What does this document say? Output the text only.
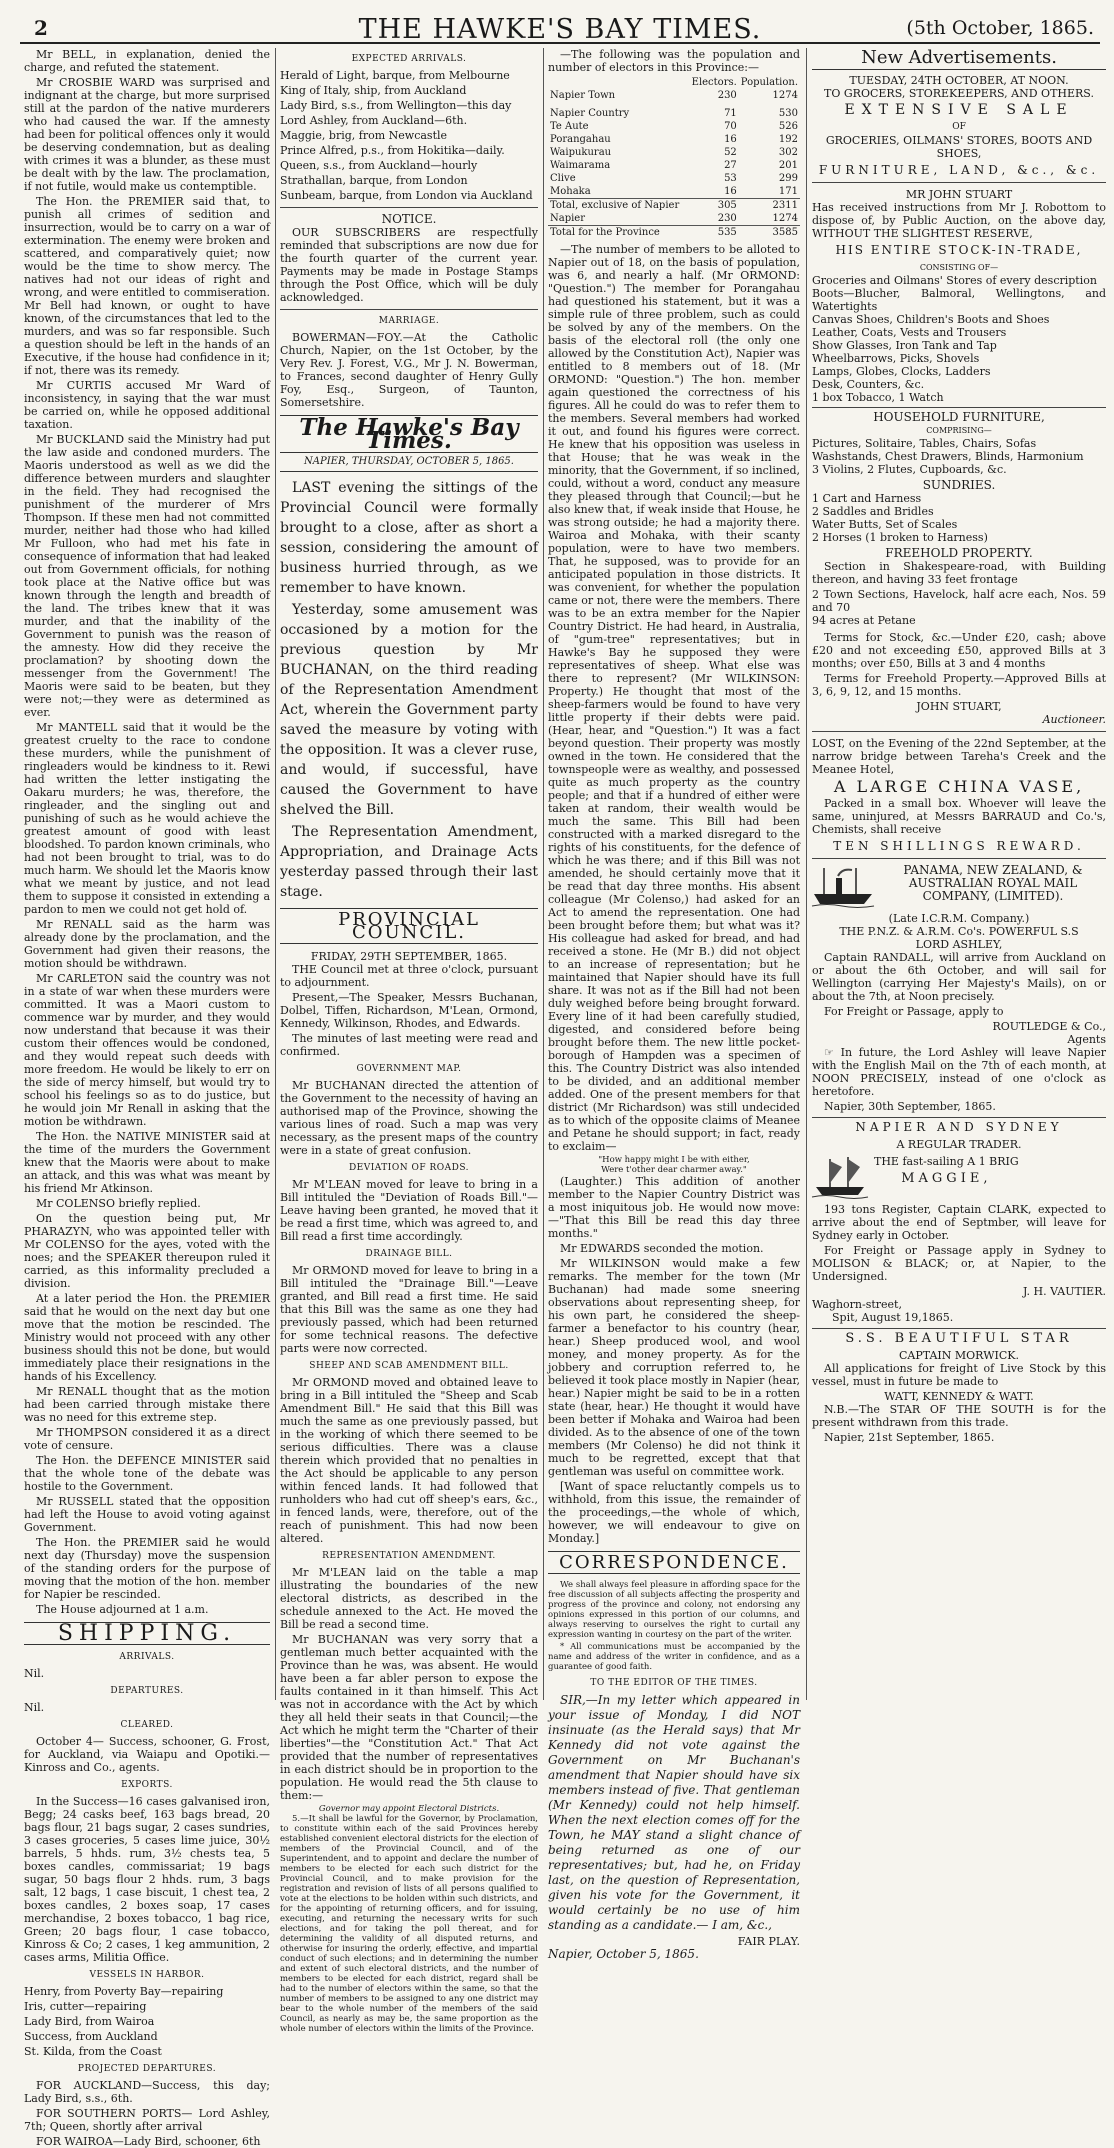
2	THE HAWKE'S BAY TIMES.	(5th October, 1865.

Mr BELL, in explanation, denied the charge, and refuted the statement.

Mr CROSBIE WARD was surprised and indignant at the charge, but more surprised still at the pardon of the native murderers who had caused the war. If the amnesty had been for political offences only it would be deserving condemnation, but as dealing with crimes it was a blunder, as these must be dealt with by the law. The proclamation, if not futile, would make us contemptible.

The Hon. the PREMIER said that, to punish all crimes of sedition and insurrection, would be to carry on a war of extermination. The enemy were broken and scattered, and comparatively quiet; now would be the time to show mercy. The natives had not our ideas of right and wrong, and were entitled to commiseration. Mr Bell had known, or ought to have known, of the circumstances that led to the murders, and was so far responsible. Such a question should be left in the hands of an Executive, if the house had confidence in it; if not, there was its remedy.

Mr CURTIS accused Mr Ward of inconsistency, in saying that the war must be carried on, while he opposed additional taxation.

Mr BUCKLAND said the Ministry had put the law aside and condoned murders. The Maoris understood as well as we did the difference between murders and slaughter in the field. They had recognised the punishment of the murderer of Mrs Thompson. If these men had not committed murder, neither had those who had killed Mr Fulloon, who had met his fate in consequence of information that had leaked out from Government officials, for nothing took place at the Native office but was known through the length and breadth of the land. The tribes knew that it was murder, and that the inability of the Government to punish was the reason of the amnesty. How did they receive the proclamation? by shooting down the messenger from the Government! The Maoris were said to be beaten, but they were not;—they were as determined as ever.

Mr MANTELL said that it would be the greatest cruelty to the race to condone these murders, while the punishment of ringleaders would be kindness to it. Rewi had written the letter instigating the Oakaru murders; he was, therefore, the ringleader, and the singling out and punishing of such as he would achieve the greatest amount of good with least bloodshed. To pardon known criminals, who had not been brought to trial, was to do much harm. We should let the Maoris know what we meant by justice, and not lead them to suppose it consisted in extending a pardon to men we could not get hold of.

Mr RENALL said as the harm was already done by the proclamation, and the Government had given their reasons, the motion should be withdrawn.

Mr CARLETON said the country was not in a state of war when these murders were committed. It was a Maori custom to commence war by murder, and they would now understand that because it was their custom their offences would be condoned, and they would repeat such deeds with more freedom. He would be likely to err on the side of mercy himself, but would try to school his feelings so as to do justice, but he would join Mr Renall in asking that the motion be withdrawn.

The Hon. the NATIVE MINISTER said at the time of the murders the Government knew that the Maoris were about to make an attack, and this was what was meant by his friend Mr Atkinson.

Mr COLENSO briefly replied.

On the question being put, Mr PHARAZYN, who was appointed teller with Mr COLENSO for the ayes, voted with the noes; and the SPEAKER thereupon ruled it carried, as this informality precluded a division.

At a later period the Hon. the PREMIER said that he would on the next day but one move that the motion be rescinded. The Ministry would not proceed with any other business should this not be done, but would immediately place their resignations in the hands of his Excellency.

Mr RENALL thought that as the motion had been carried through mistake there was no need for this extreme step.

Mr THOMPSON considered it as a direct vote of censure.

The Hon. the DEFENCE MINISTER said that the whole tone of the debate was hostile to the Government.

Mr RUSSELL stated that the opposition had left the House to avoid voting against Government.

The Hon. the PREMIER said he would next day (Thursday) move the suspension of the standing orders for the purpose of moving that the motion of the hon. member for Napier be rescinded.

The House adjourned at 1 a.m.

SHIPPING.
ARRIVALS.

Nil.

DEPARTURES.

Nil.

CLEARED.

October 4— Success, schooner, G. Frost, for Auckland, via Waiapu and Opotiki.—Kinross and Co., agents.

EXPORTS.

In the Success—16 cases galvanised iron, Begg; 24 casks beef, 163 bags bread, 20 bags flour, 21 bags sugar, 2 cases sundries, 3 cases groceries, 5 cases lime juice, 30½ barrels, 5 hhds. rum, 3½ chests tea, 5 boxes candles, commissariat; 19 bags sugar, 50 bags flour 2 hhds. rum, 3 bags salt, 12 bags, 1 case biscuit, 1 chest tea, 2 boxes candles, 2 boxes soap, 17 cases merchandise, 2 boxes tobacco, 1 bag rice, Green; 20 bags flour, 1 case tobacco, Kinross & Co; 2 cases, 1 keg ammunition, 2 cases arms, Militia Office.

VESSELS IN HARBOR.

Henry, from Poverty Bay—repairing

Iris, cutter—repairing

Lady Bird, from Wairoa

Success, from Auckland

St. Kilda, from the Coast

PROJECTED DEPARTURES.

FOR AUCKLAND—Success, this day; Lady Bird, s.s., 6th.

FOR SOUTHERN PORTS— Lord Ashley, 7th; Queen, shortly after arrival

FOR WAIROA—Lady Bird, schooner, 6th

EXPECTED ARRIVALS.

Herald of Light, barque, from Melbourne

King of Italy, ship, from Auckland

Lady Bird, s.s., from Wellington—this day

Lord Ashley, from Auckland—6th.

Maggie, brig, from Newcastle

Prince Alfred, p.s., from Hokitika—daily.

Queen, s.s., from Auckland—hourly

Strathallan, barque, from London

Sunbeam, barque, from London via Auckland

NOTICE.

OUR SUBSCRIBERS are respectfully reminded that subscriptions are now due for the fourth quarter of the current year. Payments may be made in Postage Stamps through the Post Office, which will be duly acknowledged.

MARRIAGE.

BOWERMAN—FOY.—At the Catholic Church, Napier, on the 1st October, by the Very Rev. J. Forest, V.G., Mr J. N. Bowerman, to Frances, second daughter of Henry Gully Foy, Esq., Surgeon, of Taunton, Somersetshire.

The Hawke's Bay Times.
NAPIER, THURSDAY, OCTOBER 5, 1865.

LAST evening the sittings of the Provincial Council were formally brought to a close, after as short a session, considering the amount of business hurried through, as we remember to have known.

Yesterday, some amusement was occasioned by a motion for the previous question by Mr BUCHANAN, on the third reading of the Representation Amendment Act, wherein the Government party saved the measure by voting with the opposition. It was a clever ruse, and would, if successful, have caused the Government to have shelved the Bill.

The Representation Amendment, Appropriation, and Drainage Acts yesterday passed through their last stage.

PROVINCIAL COUNCIL.
FRIDAY, 29TH SEPTEMBER, 1865.

THE Council met at three o'clock, pursuant to adjournment.

Present,—The Speaker, Messrs Buchanan, Dolbel, Tiffen, Richardson, M'Lean, Ormond, Kennedy, Wilkinson, Rhodes, and Edwards.

The minutes of last meeting were read and confirmed.

GOVERNMENT MAP.

Mr BUCHANAN directed the attention of the Government to the necessity of having an authorised map of the Province, showing the various lines of road. Such a map was very necessary, as the present maps of the country were in a state of great confusion.

DEVIATION OF ROADS.

Mr M'LEAN moved for leave to bring in a Bill intituled the "Deviation of Roads Bill."—Leave having been granted, he moved that it be read a first time, which was agreed to, and Bill read a first time accordingly.

DRAINAGE BILL.

Mr ORMOND moved for leave to bring in a Bill intituled the "Drainage Bill."—Leave granted, and Bill read a first time. He said that this Bill was the same as one they had previously passed, which had been returned for some technical reasons. The defective parts were now corrected.

SHEEP AND SCAB AMENDMENT BILL.

Mr ORMOND moved and obtained leave to bring in a Bill intituled the "Sheep and Scab Amendment Bill." He said that this Bill was much the same as one previously passed, but in the working of which there seemed to be serious difficulties. There was a clause therein which provided that no penalties in the Act should be applicable to any person within fenced lands. It had followed that runholders who had cut off sheep's ears, &c., in fenced lands, were, therefore, out of the reach of punishment. This had now been altered.

REPRESENTATION AMENDMENT.

Mr M'LEAN laid on the table a map illustrating the boundaries of the new electoral districts, as described in the schedule annexed to the Act. He moved the Bill be read a second time.

Mr BUCHANAN was very sorry that a gentleman much better acquainted with the Province than he was, was absent. He would have been a far abler person to expose the faults contained in it than himself. This Act was not in accordance with the Act by which they all held their seats in that Council;—the Act which he might term the "Charter of their liberties"—the "Constitution Act." That Act provided that the number of representatives in each district should be in proportion to the population. He would read the 5th clause to them:—

Governor may appoint Electoral Districts.

5.—It shall be lawful for the Governor, by Proclamation, to constitute within each of the said Provinces hereby established convenient electoral districts for the election of members of the Provincial Council, and of the Superintendent, and to appoint and declare the number of members to be elected for each such district for the Provincial Council, and to make provision for the registration and revision of lists of all persons qualified to vote at the elections to be holden within such districts, and for the appointing of returning officers, and for issuing, executing, and returning the necessary writs for such elections, and for taking the poll thereat, and for determining the validity of all disputed returns, and otherwise for insuring the orderly, effective, and impartial conduct of such elections; and in determining the number and extent of such electoral districts, and the number of members to be elected for each district, regard shall be had to the number of electors within the same, so that the number of members to be assigned to any one district may bear to the whole number of the members of the said Council, as nearly as may be, the same proportion as the whole number of electors within the limits of the Province.

—The following was the population and number of electors in this Province:—

	Electors.	Population.
Napier Town	230	1274

Napier Country	71	530
Te Aute	70	526
Porangahau	16	192
Waipukurau	52	302
Waimarama	27	201
Clive	53	299
Mohaka	16	171
Total, exclusive of Napier	305	2311
Napier	230	1274
Total for the Province	535	3585

—The number of members to be alloted to Napier out of 18, on the basis of population, was 6, and nearly a half. (Mr ORMOND: "Question.") The member for Porangahau had questioned his statement, but it was a simple rule of three problem, such as could be solved by any of the members. On the basis of the electoral roll (the only one allowed by the Constitution Act), Napier was entitled to 8 members out of 18. (Mr ORMOND: "Question.") The hon. member again questioned the correctness of his figures. All he could do was to refer them to the members. Several members had worked it out, and found his figures were correct. He knew that his opposition was useless in that House; that he was weak in the minority, that the Government, if so inclined, could, without a word, conduct any measure they pleased through that Council;—but he also knew that, if weak inside that House, he was strong outside; he had a majority there. Wairoa and Mohaka, with their scanty population, were to have two members. That, he supposed, was to provide for an anticipated population in those districts. It was convenient, for whether the population came or not, there were the members. There was to be an extra member for the Napier Country District. He had heard, in Australia, of "gum-tree" representatives; but in Hawke's Bay he supposed they were representatives of sheep. What else was there to represent? (Mr WILKINSON: Property.) He thought that most of the sheep-farmers would be found to have very little property if their debts were paid. (Hear, hear, and "Question.") It was a fact beyond question. Their property was mostly owned in the town. He considered that the townspeople were as wealthy, and possessed quite as much property as the country people; and that if a hundred of either were taken at random, their wealth would be much the same. This Bill had been constructed with a marked disregard to the rights of his constituents, for the defence of which he was there; and if this Bill was not amended, he should certainly move that it be read that day three months. His absent colleague (Mr Colenso,) had asked for an Act to amend the representation. One had been brought before them; but what was it? His colleague had asked for bread, and had received a stone. He (Mr B.) did not object to an increase of representation; but he maintained that Napier should have its full share. It was not as if the Bill had not been duly weighed before being brought forward. Every line of it had been carefully studied, digested, and considered before being brought before them. The new little pocket-borough of Hampden was a specimen of this. The Country District was also intended to be divided, and an additional member added. One of the present members for that district (Mr Richardson) was still undecided as to which of the opposite claims of Meanee and Petane he should support; in fact, ready to exclaim—

"How happy might I be with either,
Were t'other dear charmer away."

(Laughter.) This addition of another member to the Napier Country District was a most iniquitous job. He would now move:—"That this Bill be read this day three months."

Mr EDWARDS seconded the motion.

Mr WILKINSON would make a few remarks. The member for the town (Mr Buchanan) had made some sneering observations about representing sheep, for his own part, he considered the sheep-farmer a benefactor to his country (hear, hear.) Sheep produced wool, and wool money, and money property. As for the jobbery and corruption referred to, he believed it took place mostly in Napier (hear, hear.) Napier might be said to be in a rotten state (hear, hear.) He thought it would have been better if Mohaka and Wairoa had been divided. As to the absence of one of the town members (Mr Colenso) he did not think it much to be regretted, except that that gentleman was useful on committee work.

[Want of space reluctantly compels us to withhold, from this issue, the remainder of the proceedings,—the whole of which, however, we will endeavour to give on Monday.]

CORRESPONDENCE.

We shall always feel pleasure in affording space for the free discussion of all subjects affecting the prosperity and progress of the province and colony, not endorsing any opinions expressed in this portion of our columns, and always reserving to ourselves the right to curtail any expression wanting in courtesy on the part of the writer.

* All communications must be accompanied by the name and address of the writer in confidence, and as a guarantee of good faith.

TO THE EDITOR OF THE TIMES.

SIR,—In my letter which appeared in your issue of Monday, I did NOT insinuate (as the Herald says) that Mr Kennedy did not vote against the Government on Mr Buchanan's amendment that Napier should have six members instead of five. That gentleman (Mr Kennedy) could not help himself. When the next election comes off for the Town, he MAY stand a slight chance of being returned as one of our representatives; but, had he, on Friday last, on the question of Representation, given his vote for the Government, it would certainly be no use of him standing as a candidate.— I am, &c.,

FAIR PLAY.
Napier, October 5, 1865.
New Advertisements.
TUESDAY, 24TH OCTOBER, AT NOON.
TO GROCERS, STOREKEEPERS, AND OTHERS.
EXTENSIVE SALE
OF
GROCERIES, OILMANS' STORES, BOOTS AND SHOES,
FURNITURE, LAND, &c., &c.
MR JOHN STUART

Has received instructions from Mr J. Robottom to dispose of, by Public Auction, on the above day, WITHOUT THE SLIGHTEST RESERVE,

HIS ENTIRE STOCK-IN-TRADE,
CONSISTING OF—

Groceries and Oilmans' Stores of every description

Boots—Blucher, Balmoral, Wellingtons, and Watertights

Canvas Shoes, Children's Boots and Shoes

Leather, Coats, Vests and Trousers

Show Glasses, Iron Tank and Tap

Wheelbarrows, Picks, Shovels

Lamps, Globes, Clocks, Ladders

Desk, Counters, &c.

1 box Tobacco, 1 Watch

HOUSEHOLD FURNITURE,
COMPRISING—

Pictures, Solitaire, Tables, Chairs, Sofas

Washstands, Chest Drawers, Blinds, Harmonium

3 Violins, 2 Flutes, Cupboards, &c.

SUNDRIES.

1 Cart and Harness

2 Saddles and Bridles

Water Butts, Set of Scales

2 Horses (1 broken to Harness)

FREEHOLD PROPERTY.

Section in Shakespeare-road, with Building thereon, and having 33 feet frontage

2 Town Sections, Havelock, half acre each, Nos. 59 and 70

94 acres at Petane

Terms for Stock, &c.—Under £20, cash; above £20 and not exceeding £50, approved Bills at 3 months; over £50, Bills at 3 and 4 months

Terms for Freehold Property.—Approved Bills at 3, 6, 9, 12, and 15 months.

JOHN STUART,
Auctioneer.

LOST, on the Evening of the 22nd September, at the narrow bridge between Tareha's Creek and the Meanee Hotel,

A LARGE CHINA VASE,

Packed in a small box. Whoever will leave the same, uninjured, at Messrs BARRAUD and Co.'s, Chemists, shall receive

TEN SHILLINGS REWARD.
PANAMA, NEW ZEALAND, & AUSTRALIAN ROYAL MAIL COMPANY, (LIMITED).
(Late I.C.R.M. Company.)
THE P.N.Z. & A.R.M. Co's. POWERFUL S.S
LORD ASHLEY,

Captain RANDALL, will arrive from Auckland on or about the 6th October, and will sail for Wellington (carrying Her Majesty's Mails), on or about the 7th, at Noon precisely.

For Freight or Passage, apply to

ROUTLEDGE & Co.,
Agents

☞ In future, the Lord Ashley will leave Napier with the English Mail on the 7th of each month, at NOON PRECISELY, instead of one o'clock as heretofore.

Napier, 30th September, 1865.

NAPIER AND SYDNEY
A REGULAR TRADER.
THE fast-sailing A 1 BRIG
MAGGIE,

193 tons Register, Captain CLARK, expected to arrive about the end of Septmber, will leave for Sydney early in October.

For Freight or Passage apply in Sydney to MOLISON & BLACK; or, at Napier, to the Undersigned.

J. H. VAUTIER.
Waghorn-street,
Spit, August 19,1865.
S.S. BEAUTIFUL STAR
CAPTAIN MORWICK.

All applications for freight of Live Stock by this vessel, must in future be made to

WATT, KENNEDY & WATT.

N.B.—The STAR OF THE SOUTH is for the present withdrawn from this trade.

Napier, 21st September, 1865.
